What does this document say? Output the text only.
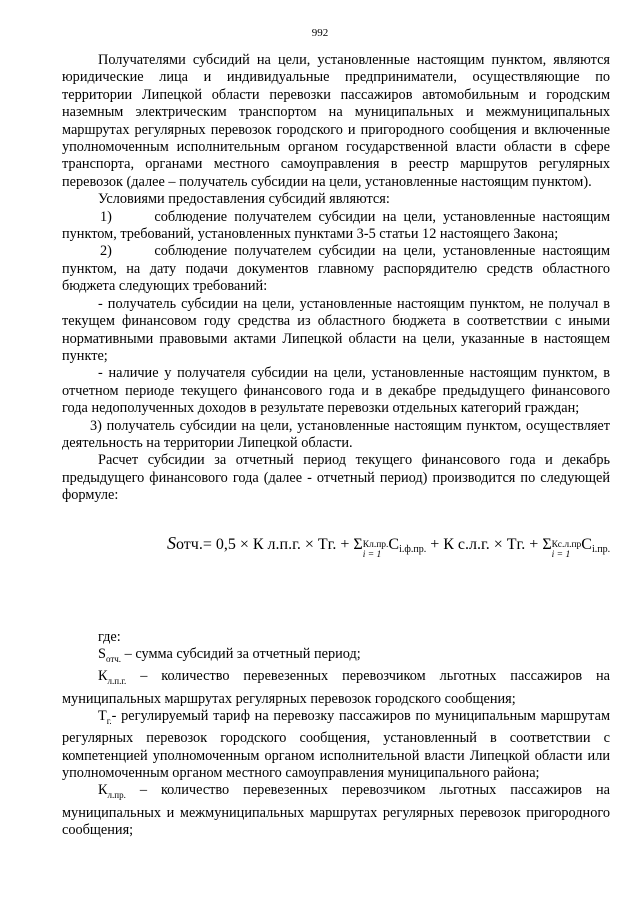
992

Получателями субсидий на цели, установленные настоящим пунктом, являются юридические лица и индивидуальные предприниматели, осуществляющие по территории Липецкой области перевозки пассажиров автомобильным и городским наземным электрическим транспортом на муниципальных и межмуниципальных маршрутах регулярных перевозок городского и пригородного сообщения и включенные уполномоченным исполнительным органом государственной власти области в сфере транспорта, органами местного самоуправления в реестр маршрутов регулярных перевозок (далее – получатель субсидии на цели, установленные настоящим пунктом).

Условиями предоставления субсидий являются:

1)      соблюдение получателем субсидии на цели, установленные настоящим пунктом, требований, установленных пунктами 3-5 статьи 12 настоящего Закона;

2)      соблюдение получателем субсидии на цели, установленные настоящим пунктом, на дату подачи документов главному распорядителю средств областного бюджета следующих требований:

- получатель субсидии на цели, установленные настоящим пунктом, не получал в текущем финансовом году средства из областного бюджета в соответствии с иными нормативными правовыми актами Липецкой области на цели, указанные в настоящем пункте;

- наличие у получателя субсидии на цели, установленные настоящим пунктом, в отчетном периоде текущего финансового года и в декабре предыдущего финансового года недополученных доходов в результате перевозки отдельных категорий граждан;

3) получатель субсидии на цели, установленные настоящим пунктом, осуществляет деятельность на территории Липецкой области.

Расчет субсидии за отчетный период текущего финансового года и декабрь предыдущего финансового года (далее - отчетный период) производится по следующей формуле:

Sотч.= 0,5 × К л.п.г. × Тг. + Σ Кл.пр.
i = 1
$С_{i.ф.пр.} + К$ с.л.г. × Тг. + Σ Кс.л.пр
i = 1
$С_{i.пр.}$

где:

$S_{отч.}$ – сумма субсидий за отчетный период;

$К_{л.п.г.}$ – количество перевезенных перевозчиком льготных пассажиров на муниципальных маршрутах регулярных перевозок городского сообщения;

$Т_{г.}-$ регулируемый тариф на перевозку пассажиров по муниципальным маршрутам регулярных перевозок городского сообщения, установленный в соответствии с компетенцией уполномоченным органом исполнительной власти Липецкой области или уполномоченным органом местного самоуправления муниципального района;

$К_{л.пр.}$ – количество перевезенных перевозчиком льготных пассажиров на муниципальных и межмуниципальных маршрутах регулярных перевозок пригородного сообщения;
